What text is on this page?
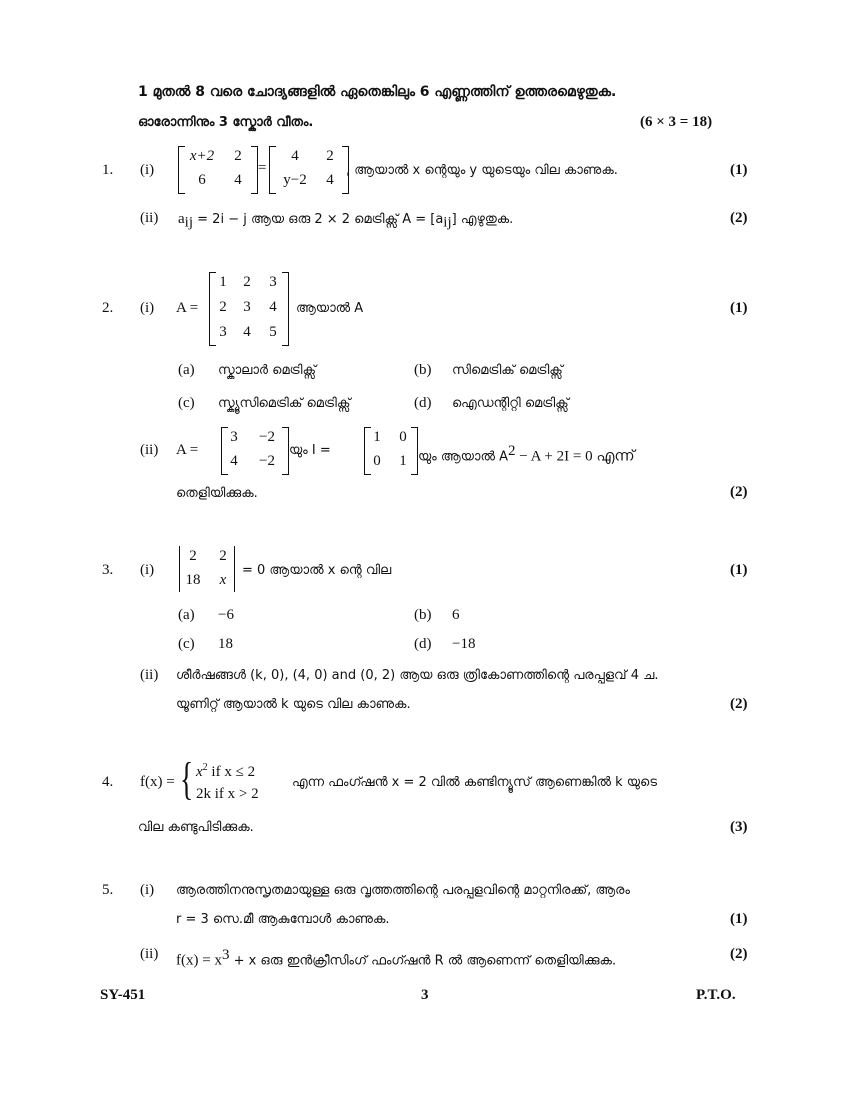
1 മുതൽ 8 വരെ ചോദ്യങ്ങളിൽ ഏതെങ്കിലും 6 എണ്ണത്തിന് ഉത്തരമെഴുതുക.
ഓരോന്നിനും 3 സ്കോർ വീതം.	(6 × 3 = 18)
1. (i)
x+2	2
6	4
=
4	2
y−2	4
, ആയാൽ x ന്റെയും y യുടെയും വില കാണുക.	(1)
(ii) $a_{ij} = 2i - j$ ആയ ഒരു 2 × 2 മെട്രിക്സ് $A = [a_{ij}]$ എഴുതുക.	(2)
2. (i) A =
1	2	3
2	3	4
3	4	5
ആയാൽ A	(1)
(a) സ്കാലാർ മെട്രിക്സ്	(b) സിമെട്രിക് മെട്രിക്സ്
(c) സ്ക്യൂസിമെട്രിക് മെട്രിക്സ്	(d) ഐഡന്റിറ്റി മെട്രിക്സ്
(ii) A =
3	−2
4	−2
യും I =
1 0
0 1 യും ആയാൽ $A^2 - A + 2I = 0$ എന്ന്
തെളിയിക്കുക.	(2)
3. (i)
2	2
18	x
= 0 ആയാൽ x ന്റെ വില	(1)
(a) −6	(b) 6
(c) 18	(d) −18
(ii) ശീർഷങ്ങൾ (k, 0), (4, 0) and (0, 2) ആയ ഒരു ത്രികോണത്തിന്റെ പരപ്പളവ് 4 ച.
യൂണിറ്റ് ആയാൽ k യുടെ വില കാണുക.	(2)
4. f(x) = { $x^2$ if x ≤ 2
2k if x > 2
എന്ന ഫംഗ്ഷൻ x = 2 വിൽ കണ്ടിന്യൂസ് ആണെങ്കിൽ k യുടെ
വില കണ്ടുപിടിക്കുക.	(3)
5. (i) ആരത്തിനനുസൃതമായുള്ള ഒരു വൃത്തത്തിന്റെ പരപ്പളവിന്റെ മാറ്റനിരക്ക്, ആരം
r = 3 സെ.മീ ആകുമ്പോൾ കാണുക.	(1)
(ii) $f(x) = x^3 + x$ ഒരു ഇൻക്രീസിംഗ് ഫംഗ്ഷൻ R ൽ ആണെന്ന് തെളിയിക്കുക.	(2)
SY-451	3	P.T.O.
